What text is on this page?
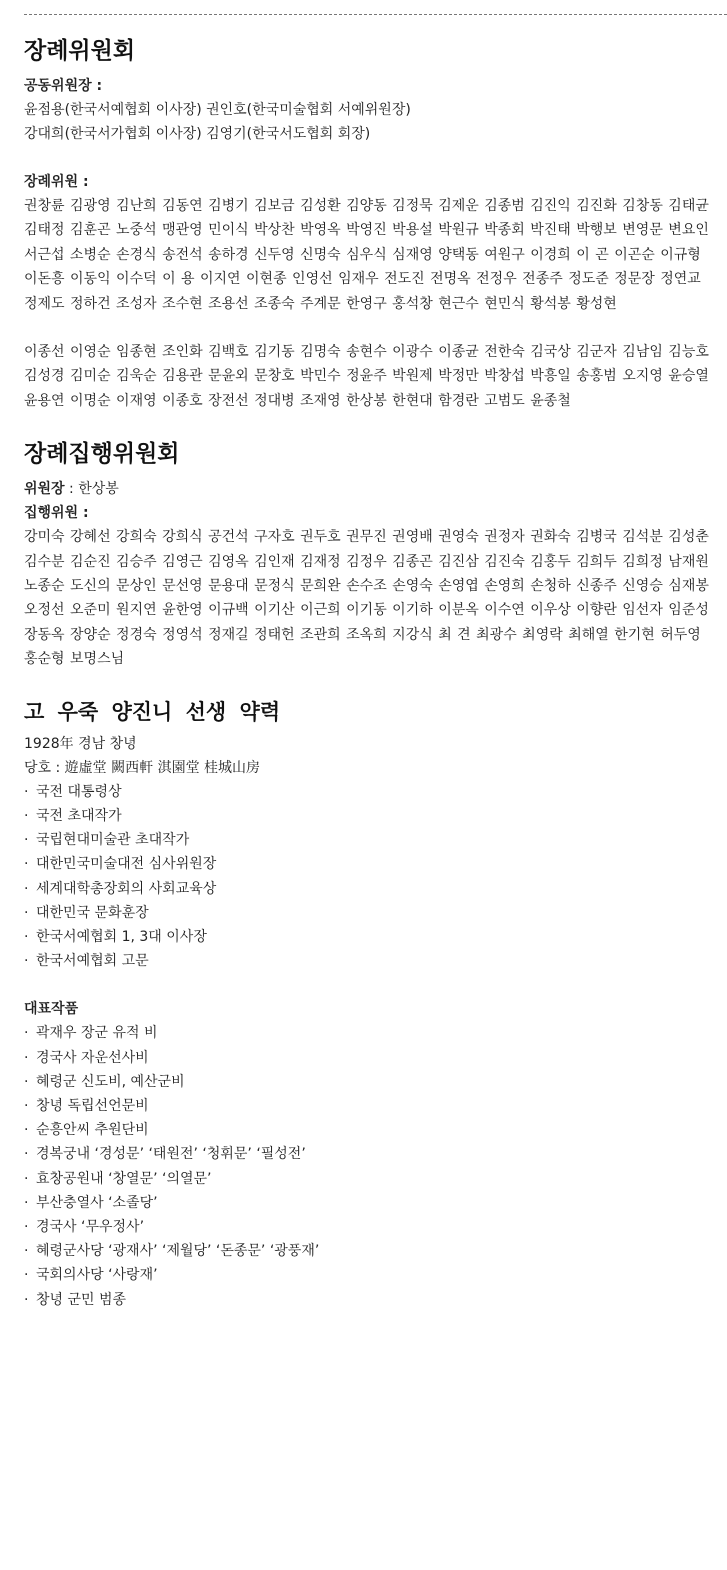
장례위원회

공동위원장 :

윤점용(한국서예협회 이사장) 권인호(한국미술협회 서예위원장)

강대희(한국서가협회 이사장) 김영기(한국서도협회 회장)

장례위원 :

권창륜 김광영 김난희 김동연 김병기 김보금 김성환 김양동 김정묵 김제운 김종범 김진익 김진화 김창동 김태균 김태정 김훈곤 노중석 맹관영 민이식 박상찬 박영옥 박영진 박용설 박원규 박종회 박진태 박행보 변영문 변요인 서근섭 소병순 손경식 송전석 송하경 신두영 신명숙 심우식 심재영 양택동 여원구 이경희 이 곤 이곤순 이규형 이돈흥 이동익 이수덕 이 용 이지연 이현종 인영선 임재우 전도진 전명옥 전정우 전종주 정도준 정문장 정연교 정제도 정하건 조성자 조수현 조용선 조종숙 주계문 한영구 홍석창 현근수 현민식 황석봉 황성현

이종선 이영순 임종현 조인화 김백호 김기동 김명숙 송현수 이광수 이종균 전한숙 김국상 김군자 김남임 김능호 김성경 김미순 김욱순 김용관 문윤외 문창호 박민수 정윤주 박원제 박정만 박창섭 박흥일 송홍범 오지영 윤승열 윤용연 이명순 이재영 이종호 장전선 정대병 조재영 한상봉 한현대 함경란 고범도 윤종철

장례집행위원회

위원장 : 한상봉

집행위원 :

강미숙 강혜선 강희숙 강희식 공건석 구자호 권두호 권무진 권영배 권영숙 권정자 권화숙 김병국 김석분 김성춘 김수분 김순진 김승주 김영근 김영옥 김인재 김재정 김정우 김종곤 김진삼 김진숙 김홍두 김희두 김희정 남재원 노종순 도신의 문상인 문선영 문용대 문정식 문희완 손수조 손영숙 손영엽 손영희 손청하 신종주 신영승 심재봉 오정선 오준미 원지연 윤한영 이규백 이기산 이근희 이기동 이기하 이분옥 이수연 이우상 이향란 임선자 임준성 장동옥 장양순 정경숙 정영석 정재길 정태헌 조관희 조옥희 지강식 최 견 최광수 최영락 최해열 한기현 허두영 홍순형 보명스님

고 우죽 양진니 선생 약력

1928年 경남 창녕

당호 : 遊虛堂 闕西軒 淇園堂 桂城山房

· 국전 대통령상
· 국전 초대작가
· 국립현대미술관 초대작가
· 대한민국미술대전 심사위원장
· 세계대학총장회의 사회교육상
· 대한민국 문화훈장
· 한국서예협회 1, 3대 이사장
· 한국서예협회 고문

대표작품

· 곽재우 장군 유적 비
· 경국사 자운선사비
· 혜령군 신도비, 예산군비
· 창녕 독립선언문비
· 순흥안씨 추원단비
· 경복궁내 ‘경성문’ ‘태원전’ ‘청휘문’ ‘필성전’
· 효창공원내 ‘창열문’ ‘의열문’
· 부산충열사 ‘소졸당’
· 경국사 ‘무우정사’
· 혜령군사당 ‘광재사’ ‘제월당’ ‘돈종문’ ‘광풍재’
· 국회의사당 ‘사랑재’
· 창녕 군민 범종
